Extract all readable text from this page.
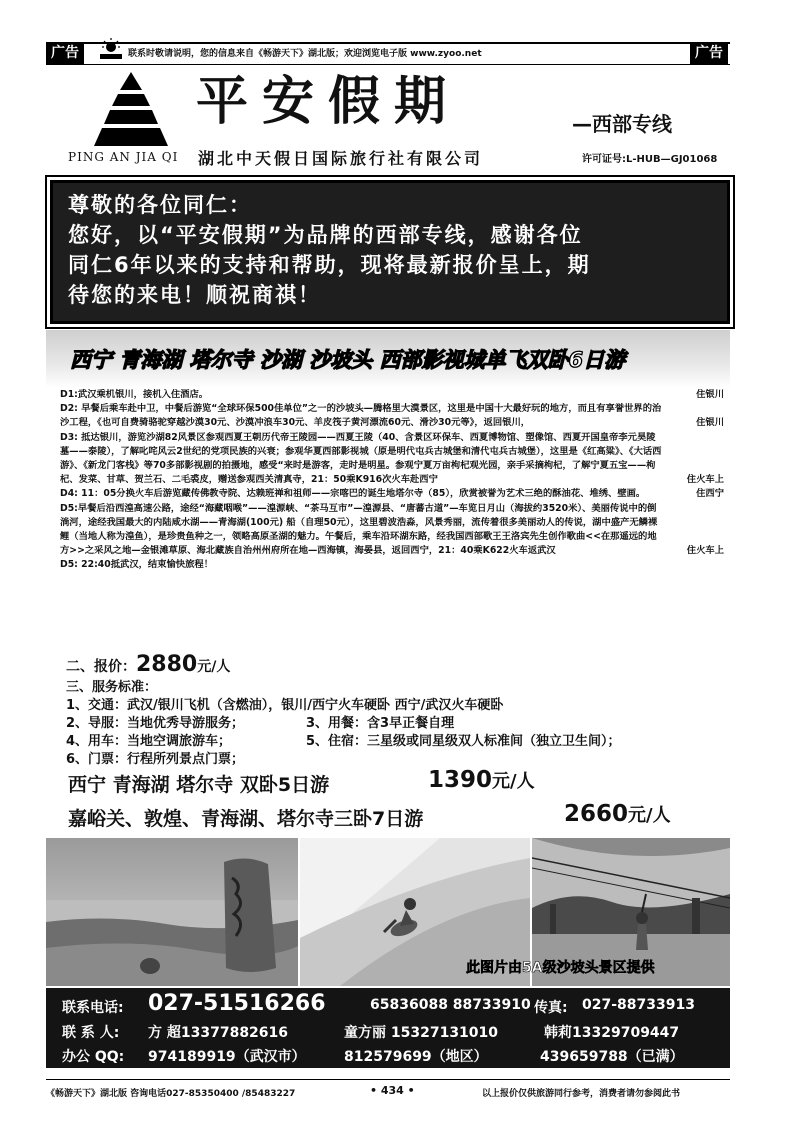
广告	广告
联系时敬请说明，您的信息来自《畅游天下》湖北版；欢迎浏览电子版 www.zyoo.net
PING AN JIA QI
平安假期	—西部专线
湖北中天假日国际旅行社有限公司	许可证号:L-HUB—GJ01068
尊敬的各位同仁：
您好，以“平安假期”为品牌的西部专线，感谢各位
同仁6年以来的支持和帮助，现将最新报价呈上，期
待您的来电！顺祝商祺！
西宁 青海湖 塔尔寺 沙湖 沙坡头 西部影视城单飞双卧6日游
D1:武汉乘机银川，接机入住酒店。	住银川
D2: 早餐后乘车赴中卫，中餐后游览“全球环保500佳单位”之一的沙坡头—腾格里大漠景区，这里是中国十大最好玩的地方，而且有享誉世界的治沙工程，《也可自费骑骆驼穿越沙漠30元、沙漠冲浪车30元、羊皮筏子黄河漂流60元、滑沙30元等》，返回银川，	住银川
D3: 抵达银川，游览沙湖82风景区参观西夏王朝历代帝王陵园——西夏王陵（40、含景区环保车、西夏博物馆、塑像馆、西夏开国皇帝李元昊陵墓——泰陵），了解叱咤风云2世纪的党项民族的兴衰；参观华夏西部影视城（原是明代屯兵古城堡和清代屯兵古城堡），这里是《红高粱》、《大话西游》、《新龙门客栈》等70多部影视剧的拍摄地，感受“来时是游客，走时是明星。参观宁夏万亩枸杞观光园，亲手采摘枸杞，了解宁夏五宝——枸杞、发菜、甘草、贺兰石、二毛裘皮，赠送参观西关清真寺，21：50乘K916次火车赴西宁	住火车上
D4: 11：05分换火车后游览藏传佛教寺院、达赖班禅和祖师——宗喀巴的诞生地塔尔寺（85），欣赏被誉为艺术三绝的酥油花、堆绣、壁画。	住西宁
D5:早餐后沿西湟高速公路，途经“海藏咽喉”——湟源峡、“茶马互市”—湟源县、“唐蕃古道”—车览日月山（海拔约3520米）、美丽传说中的倒淌河，途经我国最大的内陆咸水湖——青海湖(100元) 船（自理50元），这里碧波浩淼，风景秀丽，流传着很多美丽动人的传说，湖中盛产无鳞裸鲤（当地人称为湟鱼），是珍贵鱼种之一，领略高原圣湖的魅力。午餐后，乘车沿环湖东路，经我国西部歌王王洛宾先生创作歌曲<<在那遥远的地方>>之采风之地—金银滩草原、海北藏族自治州州府所在地—西海镇，海晏县，返回西宁，21：40乘K622火车返武汉	住火车上
D5: 22:40抵武汉，结束愉快旅程！
二、报价：2880元/人
三、服务标准：
1、交通：武汉/银川飞机（含燃油），银川/西宁火车硬卧 西宁/武汉火车硬卧
2、导服：当地优秀导游服务；	3、用餐：含3早正餐自理
4、用车：当地空调旅游车；	5、住宿：三星级或同星级双人标准间（独立卫生间）；
6、门票：行程所列景点门票；
西宁 青海湖 塔尔寺 双卧5日游	1390元/人
嘉峪关、敦煌、青海湖、塔尔寺三卧7日游	2660元/人
此图片由5A级沙坡头景区提供
联系电话: 027-51516266	65836088 88733910 传真: 027-88733913
联 系 人: 方 超13377882616	童方丽 15327131010	韩莉13329709447
办公 QQ: 974189919（武汉市）	812579699（地区）	439659788（已满）
《畅游天下》湖北版 咨询电话027-85350400 /85483227	• 434 •	以上报价仅供旅游同行参考，消费者请勿参阅此书
